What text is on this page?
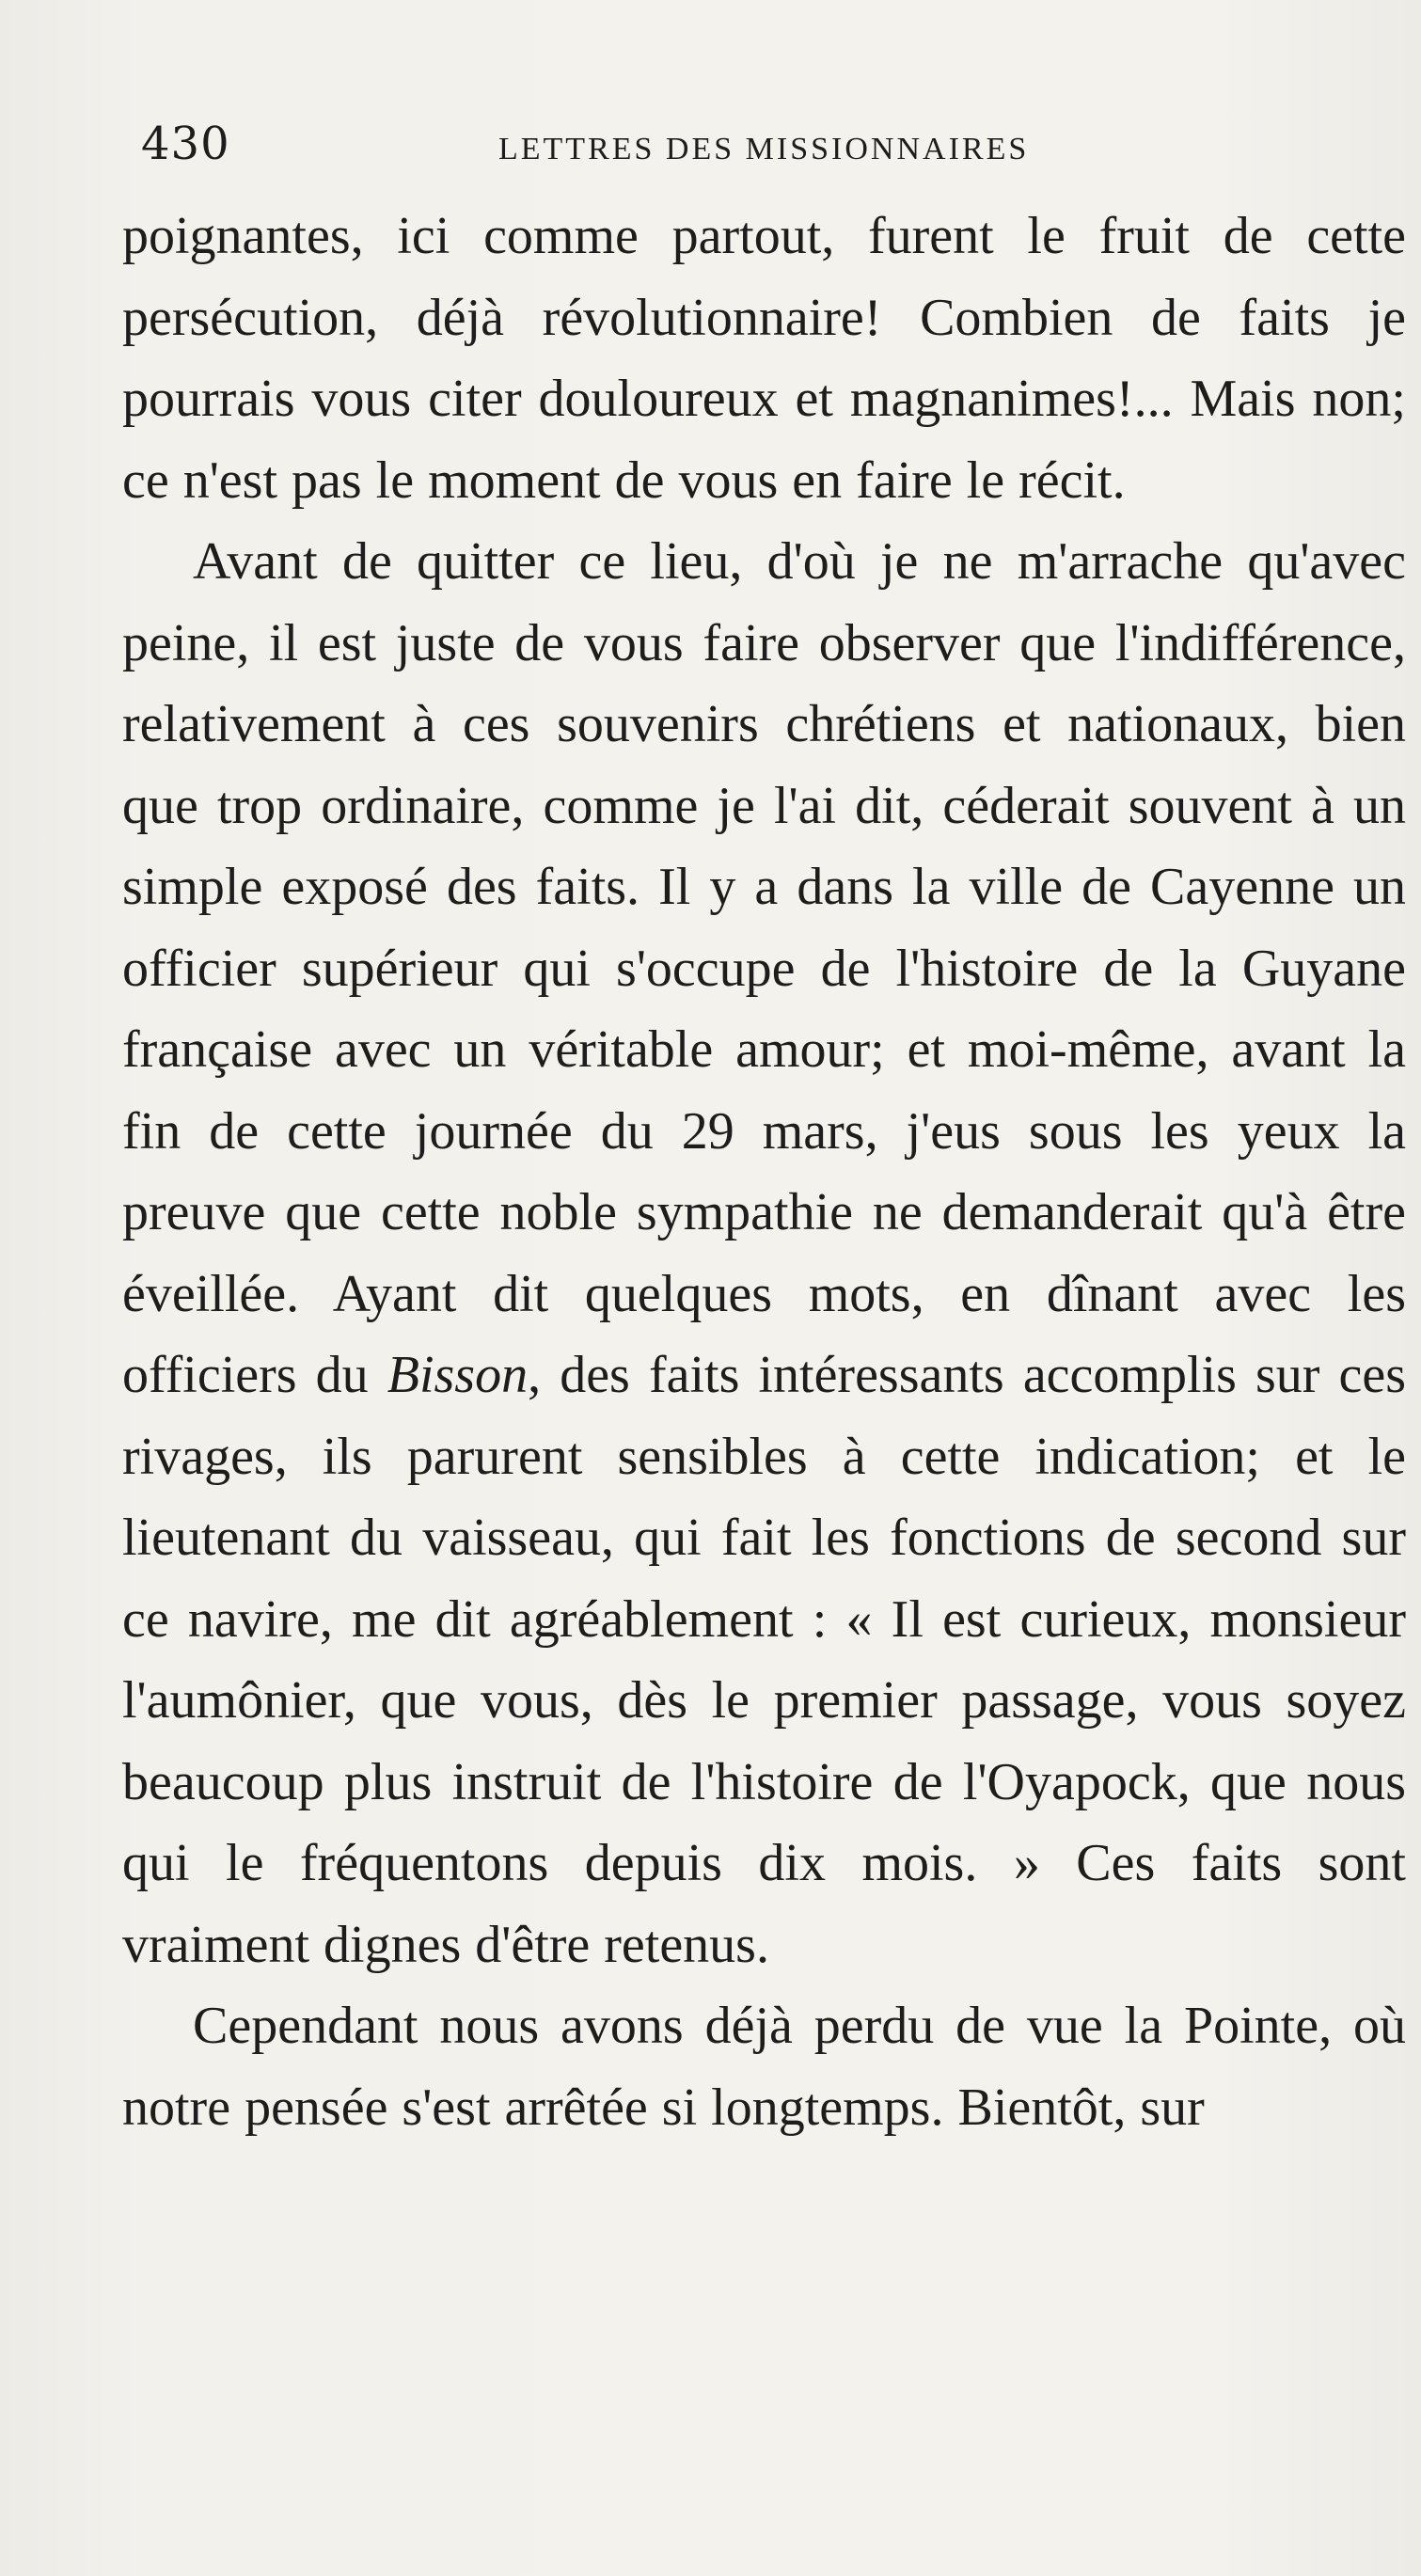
430	LETTRES DES MISSIONNAIRES

poignantes, ici comme partout, furent le fruit de cette persécution, déjà révolutionnaire! Combien de faits je pourrais vous citer douloureux et magnanimes!... Mais non; ce n'est pas le moment de vous en faire le récit.

Avant de quitter ce lieu, d'où je ne m'arrache qu'avec peine, il est juste de vous faire observer que l'indifférence, relativement à ces souvenirs chrétiens et nationaux, bien que trop ordinaire, comme je l'ai dit, céderait souvent à un simple exposé des faits. Il y a dans la ville de Cayenne un officier supérieur qui s'occupe de l'histoire de la Guyane française avec un véritable amour; et moi-même, avant la fin de cette journée du 29 mars, j'eus sous les yeux la preuve que cette noble sympathie ne demanderait qu'à être éveillée. Ayant dit quelques mots, en dînant avec les officiers du Bisson, des faits intéressants accomplis sur ces rivages, ils parurent sensibles à cette indication; et le lieutenant du vaisseau, qui fait les fonctions de second sur ce navire, me dit agréablement : « Il est curieux, monsieur l'aumônier, que vous, dès le premier passage, vous soyez beaucoup plus instruit de l'histoire de l'Oyapock, que nous qui le fréquentons depuis dix mois. » Ces faits sont vraiment dignes d'être retenus.

Cependant nous avons déjà perdu de vue la Pointe, où notre pensée s'est arrêtée si longtemps. Bientôt, sur
